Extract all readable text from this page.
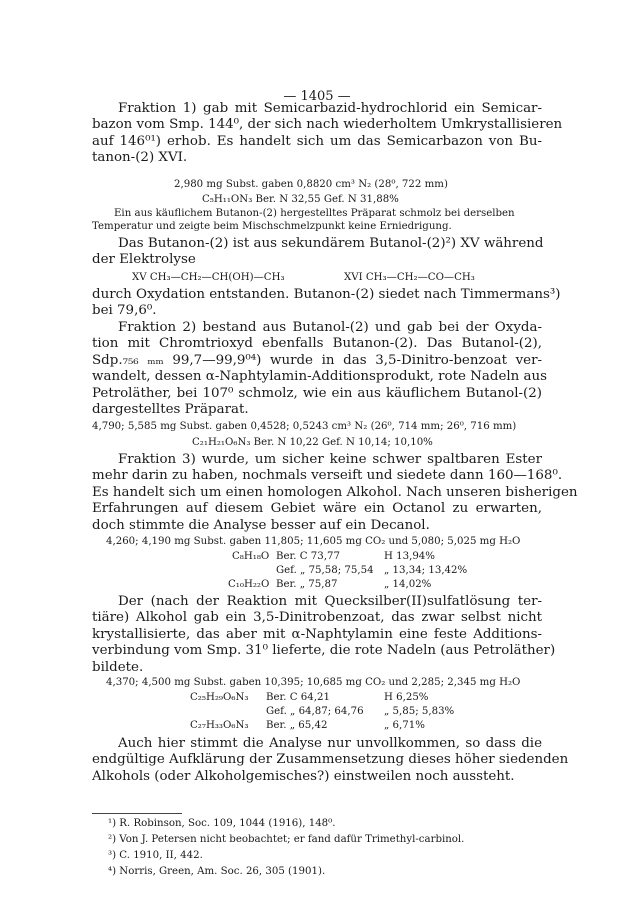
— 1405 —
Fraktion 1) gab mit Semicarbazid-hydrochlorid ein Semicar-
bazon vom Smp. 144⁰, der sich nach wiederholtem Umkrystallisieren
auf 146⁰¹) erhob. Es handelt sich um das Semicarbazon von Bu-
tanon-(2) XVI.
2,980 mg Subst. gaben 0,8820 cm³ N₂ (28⁰, 722 mm)
C₅H₁₁ON₃ Ber. N 32,55 Gef. N 31,88%
Ein aus käuflichem Butanon-(2) hergestelltes Präparat schmolz bei derselben
Temperatur und zeigte beim Mischschmelzpunkt keine Erniedrigung.
Das Butanon-(2) ist aus sekundärem Butanol-(2)²) XV während
der Elektrolyse
XV CH₃—CH₂—CH(OH)—CH₃	XVI CH₃—CH₂—CO—CH₃
durch Oxydation entstanden. Butanon-(2) siedet nach Timmermans³)
bei 79,6⁰.
Fraktion 2) bestand aus Butanol-(2) und gab bei der Oxyda-
tion mit Chromtrioxyd ebenfalls Butanon-(2). Das Butanol-(2),
Sdp.₇₅₆ ₘₘ 99,7—99,9⁰⁴) wurde in das 3,5-Dinitro-benzoat ver-
wandelt, dessen α-Naphtylamin-Additionsprodukt, rote Nadeln aus
Petroläther, bei 107⁰ schmolz, wie ein aus käuflichem Butanol-(2)
dargestelltes Präparat.
4,790; 5,585 mg Subst. gaben 0,4528; 0,5243 cm³ N₂ (26⁰, 714 mm; 26⁰, 716 mm)
C₂₁H₂₁O₆N₃ Ber. N 10,22 Gef. N 10,14; 10,10%
Fraktion 3) wurde, um sicher keine schwer spaltbaren Ester
mehr darin zu haben, nochmals verseift und siedete dann 160—168⁰.
Es handelt sich um einen homologen Alkohol. Nach unseren bisherigen
Erfahrungen auf diesem Gebiet wäre ein Octanol zu erwarten,
doch stimmte die Analyse besser auf ein Decanol.
4,260; 4,190 mg Subst. gaben 11,805; 11,605 mg CO₂ und 5,080; 5,025 mg H₂O
C₈H₁₈O Ber. C 73,77	H 13,94%
Gef. „ 75,58; 75,54 „ 13,34; 13,42%
C₁₀H₂₂O Ber. „ 75,87	„ 14,02%
Der (nach der Reaktion mit Quecksilber(II)sulfatlösung ter-
tiäre) Alkohol gab ein 3,5-Dinitrobenzoat, das zwar selbst nicht
krystallisierte, das aber mit α-Naphtylamin eine feste Additions-
verbindung vom Smp. 31⁰ lieferte, die rote Nadeln (aus Petroläther)
bildete.
4,370; 4,500 mg Subst. gaben 10,395; 10,685 mg CO₂ und 2,285; 2,345 mg H₂O
C₂₅H₂₉O₆N₃ Ber. C 64,21	H 6,25%
Gef. „ 64,87; 64,76 „ 5,85; 5,83%
C₂₇H₃₃O₆N₃ Ber. „ 65,42	„ 6,71%
Auch hier stimmt die Analyse nur unvollkommen, so dass die
endgültige Aufklärung der Zusammensetzung dieses höher siedenden
Alkohols (oder Alkoholgemisches?) einstweilen noch aussteht.
¹) R. Robinson, Soc. 109, 1044 (1916), 148⁰.
²) Von J. Petersen nicht beobachtet; er fand dafür Trimethyl-carbinol.
³) C. 1910, II, 442.
⁴) Norris, Green, Am. Soc. 26, 305 (1901).
